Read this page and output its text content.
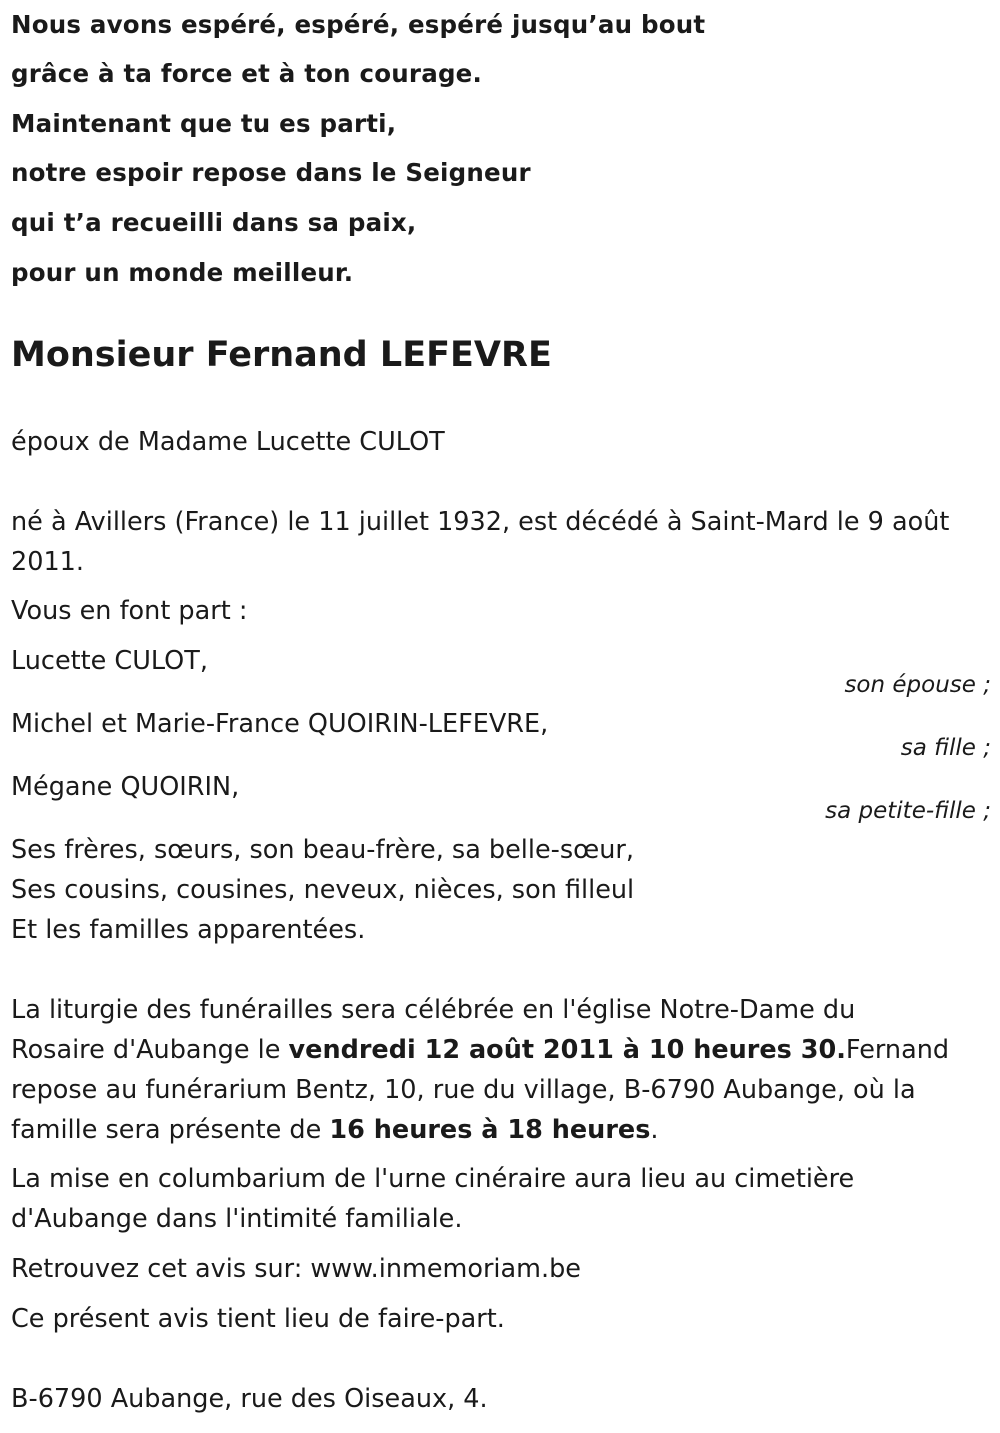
Nous avons espéré, espéré, espéré jusqu’au bout
grâce à ta force et à ton courage.
Maintenant que tu es parti,
notre espoir repose dans le Seigneur
qui t’a recueilli dans sa paix,
pour un monde meilleur.
Monsieur Fernand LEFEVRE
époux de Madame Lucette CULOT
né à Avillers (France) le 11 juillet 1932, est décédé à Saint-Mard le 9 août
2011.
Vous en font part :
Lucette CULOT,
son épouse ;
Michel et Marie-France QUOIRIN-LEFEVRE,
sa fille ;
Mégane QUOIRIN,
sa petite-fille ;
Ses frères, sœurs, son beau-frère, sa belle-sœur,
Ses cousins, cousines, neveux, nièces, son filleul
Et les familles apparentées.
La liturgie des funérailles sera célébrée en l'église Notre-Dame du
Rosaire d'Aubange le vendredi 12 août 2011 à 10 heures 30.Fernand
repose au funérarium Bentz, 10, rue du village, B-6790 Aubange, où la
famille sera présente de 16 heures à 18 heures.
La mise en columbarium de l'urne cinéraire aura lieu au cimetière
d'Aubange dans l'intimité familiale.
Retrouvez cet avis sur: www.inmemoriam.be
Ce présent avis tient lieu de faire-part.
B-6790 Aubange, rue des Oiseaux, 4.
